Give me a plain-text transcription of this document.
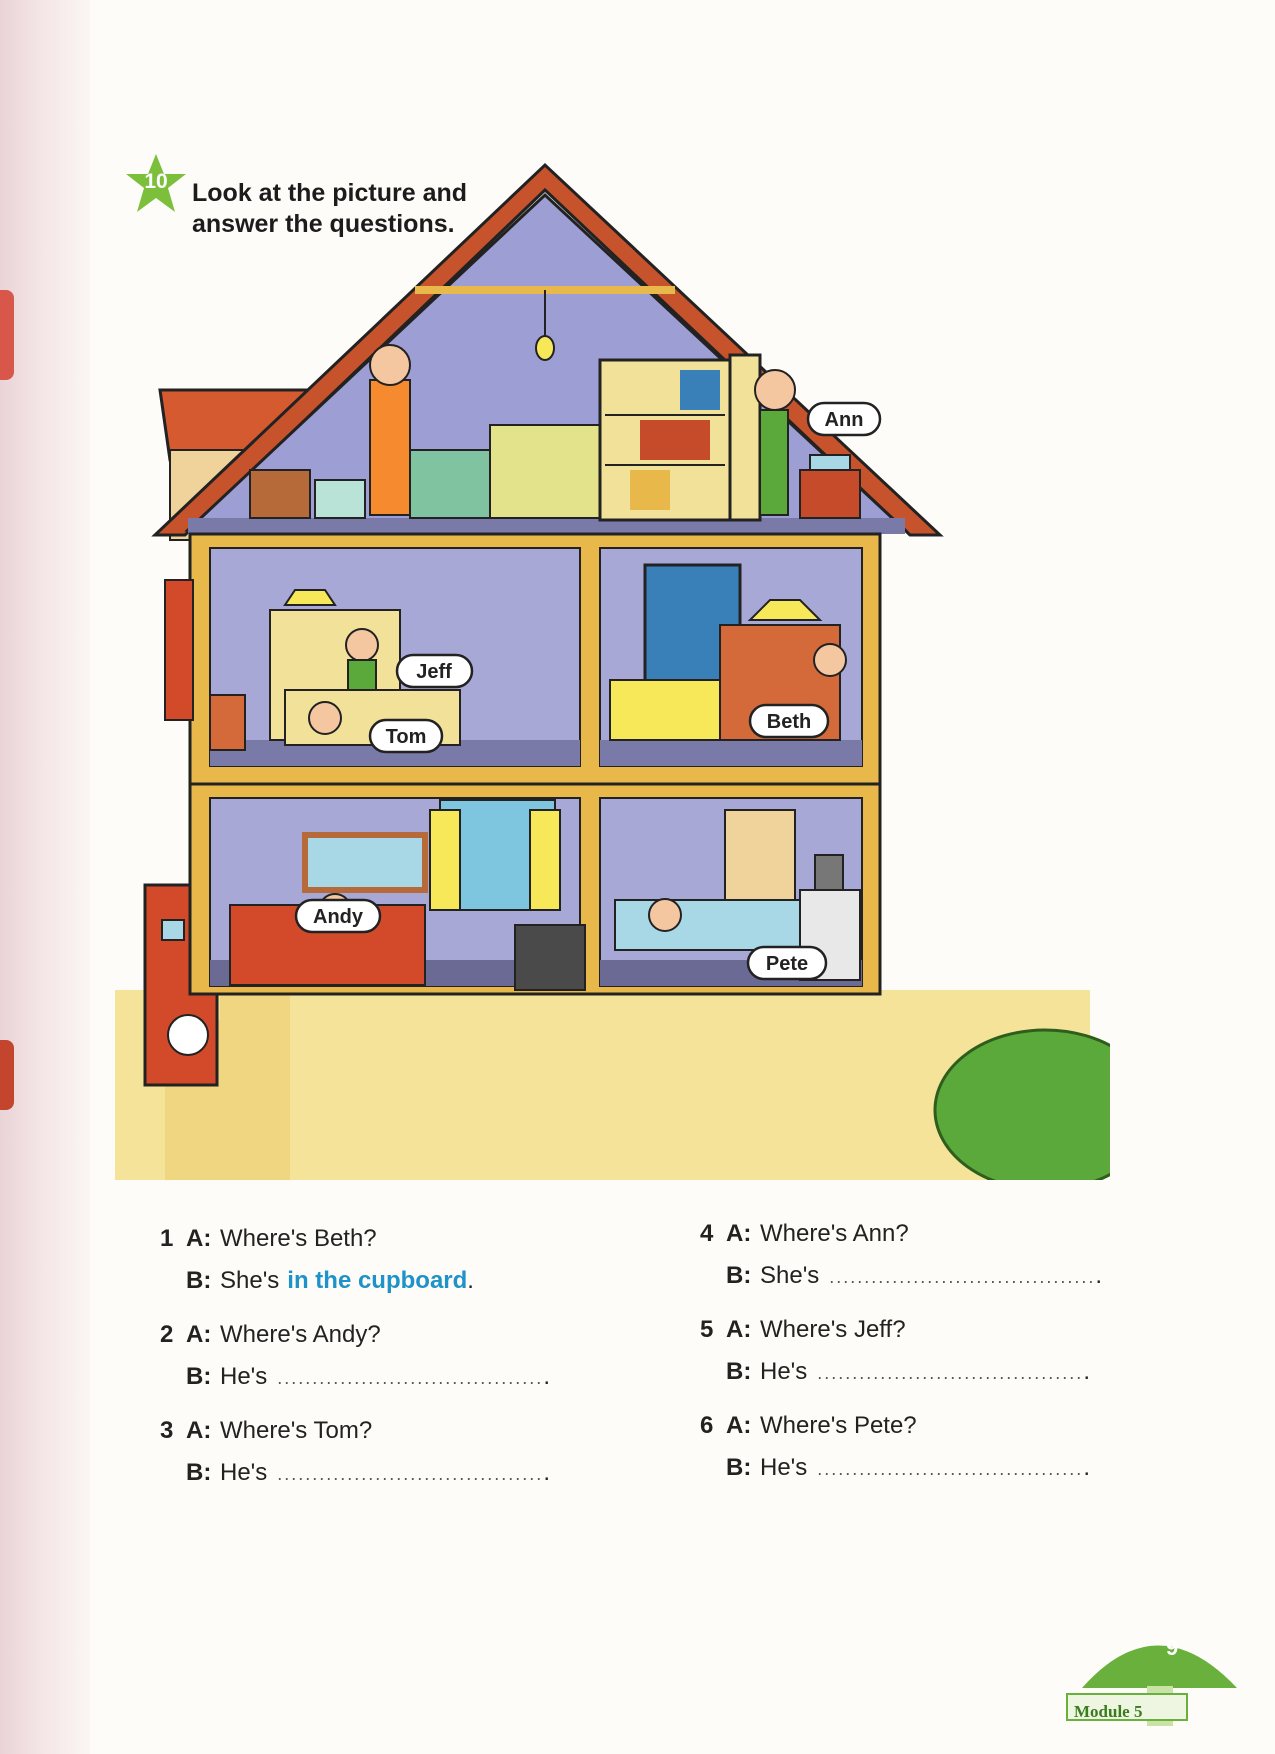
10 Look at the picture and
answer the questions.
Ann
Jeff
Tom
Beth
Andy
Pete
1 A: Where's Beth?
B: She's in the cupboard .
2 A: Where's Andy?
B: He's ...................................... .
3 A: Where's Tom?
B: He's ...................................... .
4 A: Where's Ann?
B: She's ...................................... .
5 A: Where's Jeff?
B: He's ...................................... .
6 A: Where's Pete?
B: He's ...................................... .
9
Module 5
